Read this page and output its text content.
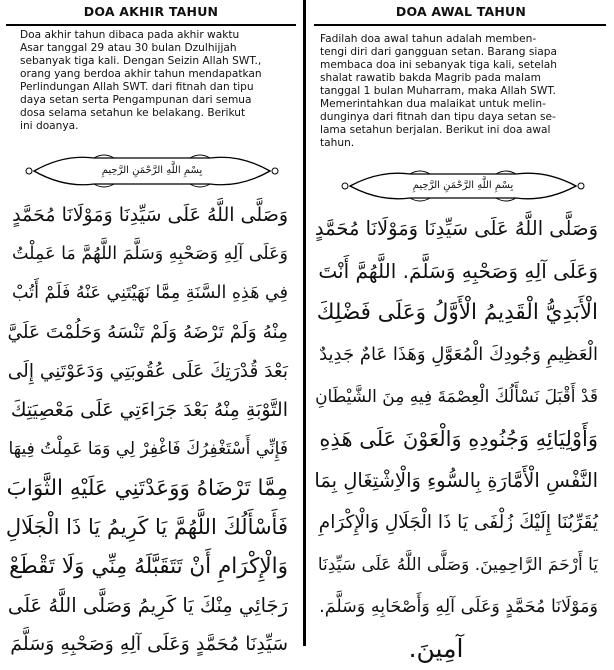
DOA AKHIR TAHUN

Doa akhir tahun dibaca pada akhir waktu
Asar tanggal 29 atau 30 bulan Dzulhijjah
sebanyak tiga kali. Dengan Seizin Allah SWT.,
orang yang berdoa akhir tahun mendapatkan
Perlindungan Allah SWT. dari fitnah dan tipu
daya setan serta Pengampunan dari semua
dosa selama setahun ke belakang. Berikut
ini doanya.

بِسْمِ اللَّهِ الرَّحْمَنِ الرَّحِيمِ
وَصَلَّى اللَّهُ عَلَى سَيِّدِنَا وَمَوْلَانَا مُحَمَّدٍ
وَعَلَى آلِهِ وَصَحْبِهِ وَسَلَّمَ اللَّهُمَّ مَا عَمِلْتُ
فِي هَذِهِ السَّنَةِ مِمَّا نَهَيْتَنِي عَنْهُ فَلَمْ أَتُبْ
مِنْهُ وَلَمْ تَرْضَهُ وَلَمْ تَنْسَهُ وَحَلُمْتَ عَلَيَّ
بَعْدَ قُدْرَتِكَ عَلَى عُقُوبَتِي وَدَعَوْتَنِي إِلَى
التَّوْبَةِ مِنْهُ بَعْدَ جَرَاءَتِي عَلَى مَعْصِيَتِكَ
فَإِنِّي أَسْتَغْفِرُكَ فَاغْفِرْ لِي وَمَا عَمِلْتُ فِيهَا
مِمَّا تَرْضَاهُ وَوَعَدْتَنِي عَلَيْهِ الثَّوَابَ
فَأَسْأَلُكَ اللَّهُمَّ يَا كَرِيمُ يَا ذَا الْجَلَالِ
وَالْإِكْرَامِ أَنْ تَتَقَبَّلَهُ مِنِّي وَلَا تَقْطَعْ
رَجَائِي مِنْكَ يَا كَرِيمُ وَصَلَّى اللَّهُ عَلَى
سَيِّدِنَا مُحَمَّدٍ وَعَلَى آلِهِ وَصَحْبِهِ وَسَلَّمَ
DOA AWAL TAHUN

Fadilah doa awal tahun adalah memben-
tengi diri dari gangguan setan. Barang siapa
membaca doa ini sebanyak tiga kali, setelah
shalat rawatib bakda Magrib pada malam
tanggal 1 bulan Muharram, maka Allah SWT.
Memerintahkan dua malaikat untuk melin-
dunginya dari fitnah dan tipu daya setan se-
lama setahun berjalan. Berikut ini doa awal
tahun.

بِسْمِ اللَّهِ الرَّحْمَنِ الرَّحِيمِ
وَصَلَّى اللَّهُ عَلَى سَيِّدِنَا وَمَوْلَانَا مُحَمَّدٍ
وَعَلَى آلِهِ وَصَحْبِهِ وَسَلَّمَ. اللَّهُمَّ أَنْتَ
الْأَبَدِيُّ الْقَدِيمُ الْأَوَّلُ وَعَلَى فَضْلِكَ
الْعَظِيمِ وَجُودِكَ الْمُعَوَّلِ وَهَذَا عَامٌ جَدِيدٌ
قَدْ أَقْبَلَ نَسْأَلُكَ الْعِصْمَةَ فِيهِ مِنَ الشَّيْطَانِ
وَأَوْلِيَائِهِ وَجُنُودِهِ وَالْعَوْنَ عَلَى هَذِهِ
النَّفْسِ الْأَمَّارَةِ بِالسُّوءِ وَالْاِشْتِغَالِ بِمَا
يُقَرِّبُنَا إِلَيْكَ زُلْفَى يَا ذَا الْجَلَالِ وَالْإِكْرَامِ
يَا أَرْحَمَ الرَّاحِمِينَ. وَصَلَّى اللَّهُ عَلَى سَيِّدِنَا
وَمَوْلَانَا مُحَمَّدٍ وَعَلَى آلِهِ وَأَصْحَابِهِ وَسَلَّمَ.
آمِينَ.
